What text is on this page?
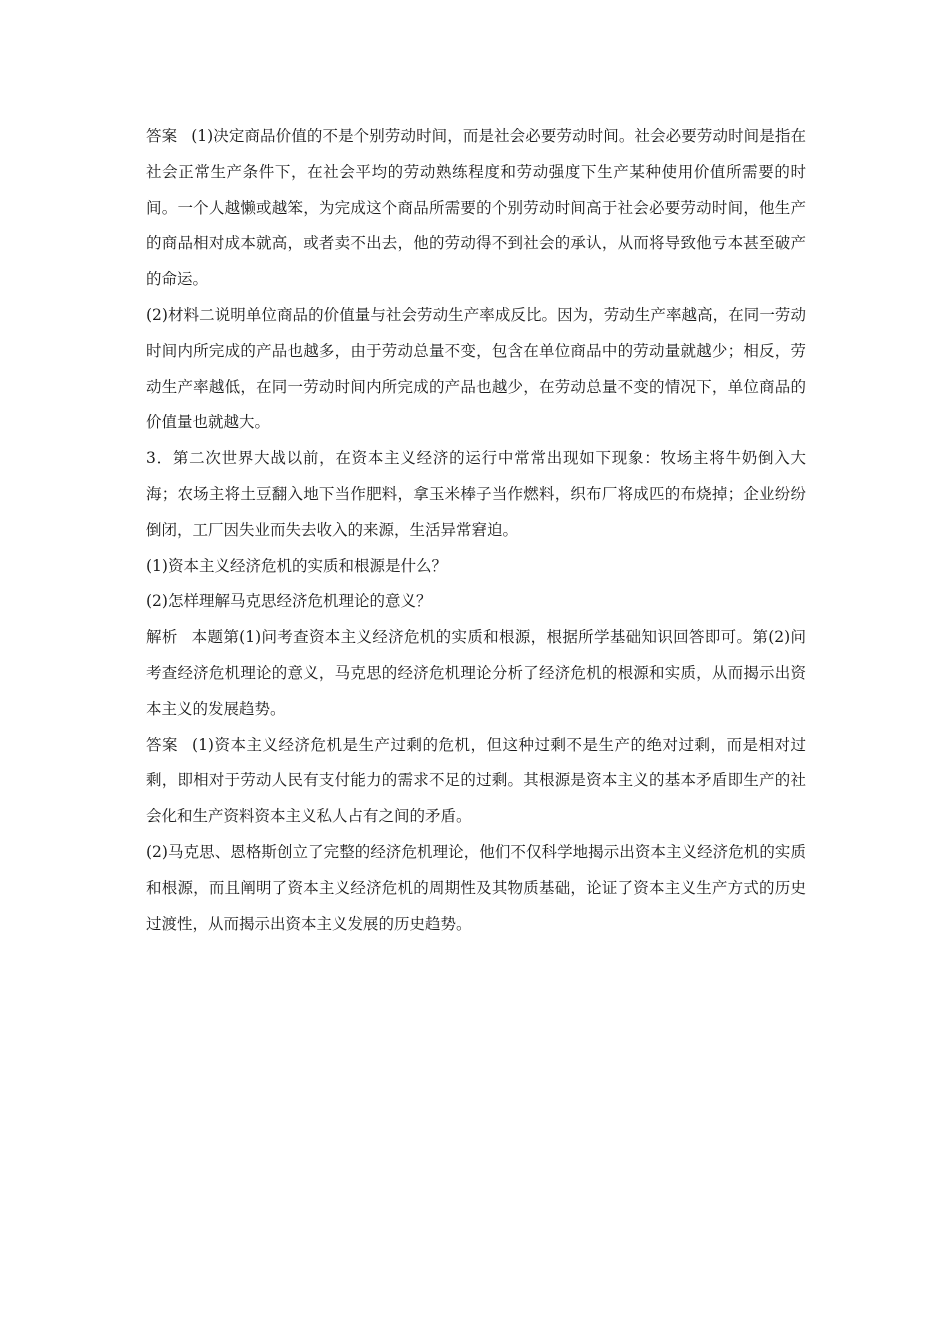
答案 (1)决定商品价值的不是个别劳动时间，而是社会必要劳动时间。社会必要劳动时间是指在社会正常生产条件下，在社会平均的劳动熟练程度和劳动强度下生产某种使用价值所需要的时间。一个人越懒或越笨，为完成这个商品所需要的个别劳动时间高于社会必要劳动时间，他生产的商品相对成本就高，或者卖不出去，他的劳动得不到社会的承认，从而将导致他亏本甚至破产的命运。

(2)材料二说明单位商品的价值量与社会劳动生产率成反比。因为，劳动生产率越高，在同一劳动时间内所完成的产品也越多，由于劳动总量不变，包含在单位商品中的劳动量就越少；相反，劳动生产率越低，在同一劳动时间内所完成的产品也越少，在劳动总量不变的情况下，单位商品的价值量也就越大。

3．第二次世界大战以前，在资本主义经济的运行中常常出现如下现象：牧场主将牛奶倒入大海；农场主将土豆翻入地下当作肥料，拿玉米棒子当作燃料，织布厂将成匹的布烧掉；企业纷纷倒闭，工厂因失业而失去收入的来源，生活异常窘迫。

(1)资本主义经济危机的实质和根源是什么？

(2)怎样理解马克思经济危机理论的意义？

解析 本题第(1)问考查资本主义经济危机的实质和根源，根据所学基础知识回答即可。第(2)问考查经济危机理论的意义，马克思的经济危机理论分析了经济危机的根源和实质，从而揭示出资本主义的发展趋势。

答案 (1)资本主义经济危机是生产过剩的危机，但这种过剩不是生产的绝对过剩，而是相对过剩，即相对于劳动人民有支付能力的需求不足的过剩。其根源是资本主义的基本矛盾即生产的社会化和生产资料资本主义私人占有之间的矛盾。

(2)马克思、恩格斯创立了完整的经济危机理论，他们不仅科学地揭示出资本主义经济危机的实质和根源，而且阐明了资本主义经济危机的周期性及其物质基础，论证了资本主义生产方式的历史过渡性，从而揭示出资本主义发展的历史趋势。
